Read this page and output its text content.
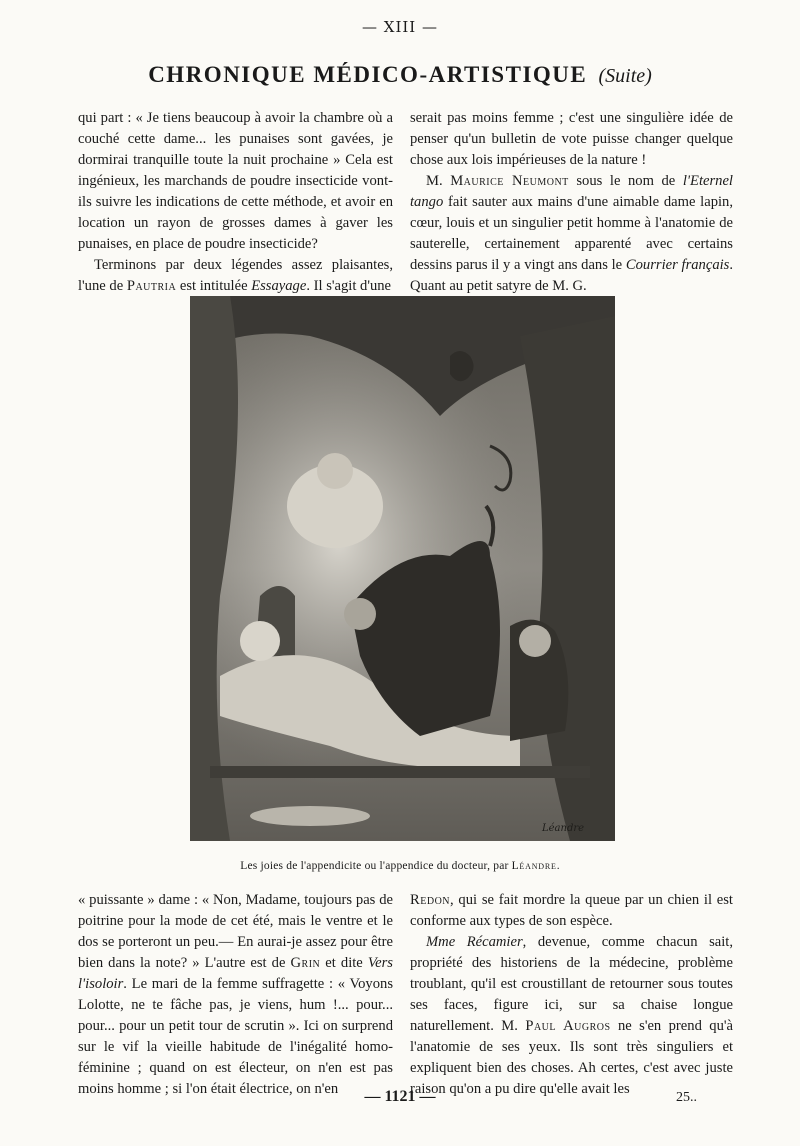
— XIII —
CHRONIQUE MÉDICO-ARTISTIQUE (Suite)

qui part : « Je tiens beaucoup à avoir la chambre où a couché cette dame... les punaises sont gavées, je dormirai tranquille toute la nuit prochaine » Cela est ingénieux, les marchands de poudre insecticide vont-ils suivre les indications de cette méthode, et avoir en location un rayon de grosses dames à gaver les punaises, en place de poudre insecticide?

Terminons par deux légendes assez plaisantes, l'une de Pautria est intitulée Essayage. Il s'agit d'une

serait pas moins femme ; c'est une singulière idée de penser qu'un bulletin de vote puisse changer quelque chose aux lois impérieuses de la nature !

M. Maurice Neumont sous le nom de l'Eternel tango fait sauter aux mains d'une aimable dame lapin, cœur, louis et un singulier petit homme à l'anatomie de sauterelle, certainement apparenté avec certains dessins parus il y a vingt ans dans le Courrier français. Quant au petit satyre de M. G.

Léandre
Les joies de l'appendicite ou l'appendice du docteur, par Léandre.

« puissante » dame : « Non, Madame, toujours pas de poitrine pour la mode de cet été, mais le ventre et le dos se porteront un peu.— En aurai-je assez pour être bien dans la note? » L'autre est de Grin et dite Vers l'isoloir. Le mari de la femme suffragette : « Voyons Lolotte, ne te fâche pas, je viens, hum !... pour... pour... pour un petit tour de scrutin ». Ici on surprend sur le vif la vieille habitude de l'inégalité homo-féminine ; quand on est électeur, on n'en est pas moins homme ; si l'on était électrice, on n'en

Redon, qui se fait mordre la queue par un chien il est conforme aux types de son espèce.

Mme Récamier, devenue, comme chacun sait, propriété des historiens de la médecine, problème troublant, qu'il est croustillant de retourner sous toutes ses faces, figure ici, sur sa chaise longue naturellement. M. Paul Augros ne s'en prend qu'à l'anatomie de ses yeux. Ils sont très singuliers et expliquent bien des choses. Ah certes, c'est avec juste raison qu'on a pu dire qu'elle avait les

— 1121 —	25..
